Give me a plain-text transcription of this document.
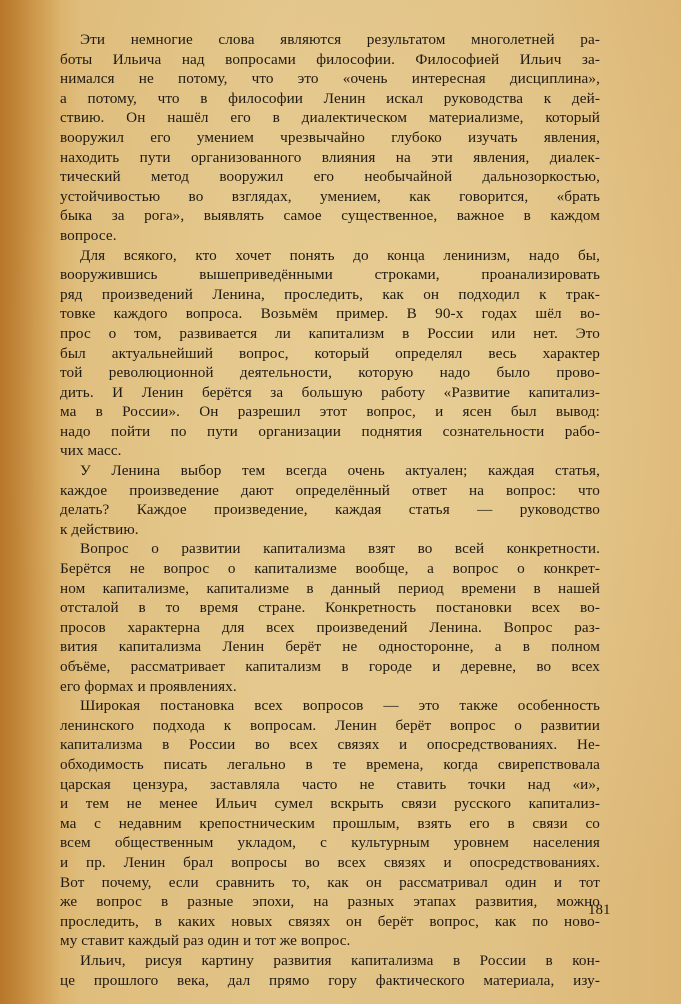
Эти немногие слова являются результатом многолетней ра-
боты Ильича над вопросами философии. Философией Ильич за-
нимался не потому, что это «очень интересная дисциплина»,
а потому, что в философии Ленин искал руководства к дей-
ствию. Он нашёл его в диалектическом материализме, который
вооружил его умением чрезвычайно глубоко изучать явления,
находить пути организованного влияния на эти явления, диалек-
тический метод вооружил его необычайной дальнозоркостью,
устойчивостью во взглядах, умением, как говорится, «брать
быка за рога», выявлять самое существенное, важное в каждом
вопросе.
Для всякого, кто хочет понять до конца ленинизм, надо бы,
вооружившись вышеприведёнными строками, проанализировать
ряд произведений Ленина, проследить, как он подходил к трак-
товке каждого вопроса. Возьмём пример. В 90-х годах шёл во-
прос о том, развивается ли капитализм в России или нет. Это
был актуальнейший вопрос, который определял весь характер
той революционной деятельности, которую надо было прово-
дить. И Ленин берётся за большую работу «Развитие капитализ-
ма в России». Он разрешил этот вопрос, и ясен был вывод:
надо пойти по пути организации поднятия сознательности рабо-
чих масс.
У Ленина выбор тем всегда очень актуален; каждая статья,
каждое произведение дают определённый ответ на вопрос: что
делать? Каждое произведение, каждая статья — руководство
к действию.
Вопрос о развитии капитализма взят во всей конкретности.
Берётся не вопрос о капитализме вообще, а вопрос о конкрет-
ном капитализме, капитализме в данный период времени в нашей
отсталой в то время стране. Конкретность постановки всех во-
просов характерна для всех произведений Ленина. Вопрос раз-
вития капитализма Ленин берёт не односторонне, а в полном
объёме, рассматривает капитализм в городе и деревне, во всех
его формах и проявлениях.
Широкая постановка всех вопросов — это также особенность
ленинского подхода к вопросам. Ленин берёт вопрос о развитии
капитализма в России во всех связях и опосредствованиях. Не-
обходимость писать легально в те времена, когда свирепствовала
царская цензура, заставляла часто не ставить точки над «и»,
и тем не менее Ильич сумел вскрыть связи русского капитализ-
ма с недавним крепостническим прошлым, взять его в связи со
всем общественным укладом, с культурным уровнем населения
и пр. Ленин брал вопросы во всех связях и опосредствованиях.
Вот почему, если сравнить то, как он рассматривал один и тот
же вопрос в разные эпохи, на разных этапах развития, можно
проследить, в каких новых связях он берёт вопрос, как по ново-
му ставит каждый раз один и тот же вопрос.
Ильич, рисуя картину развития капитализма в России в кон-
це прошлого века, дал прямо гору фактического материала, изу-
181
